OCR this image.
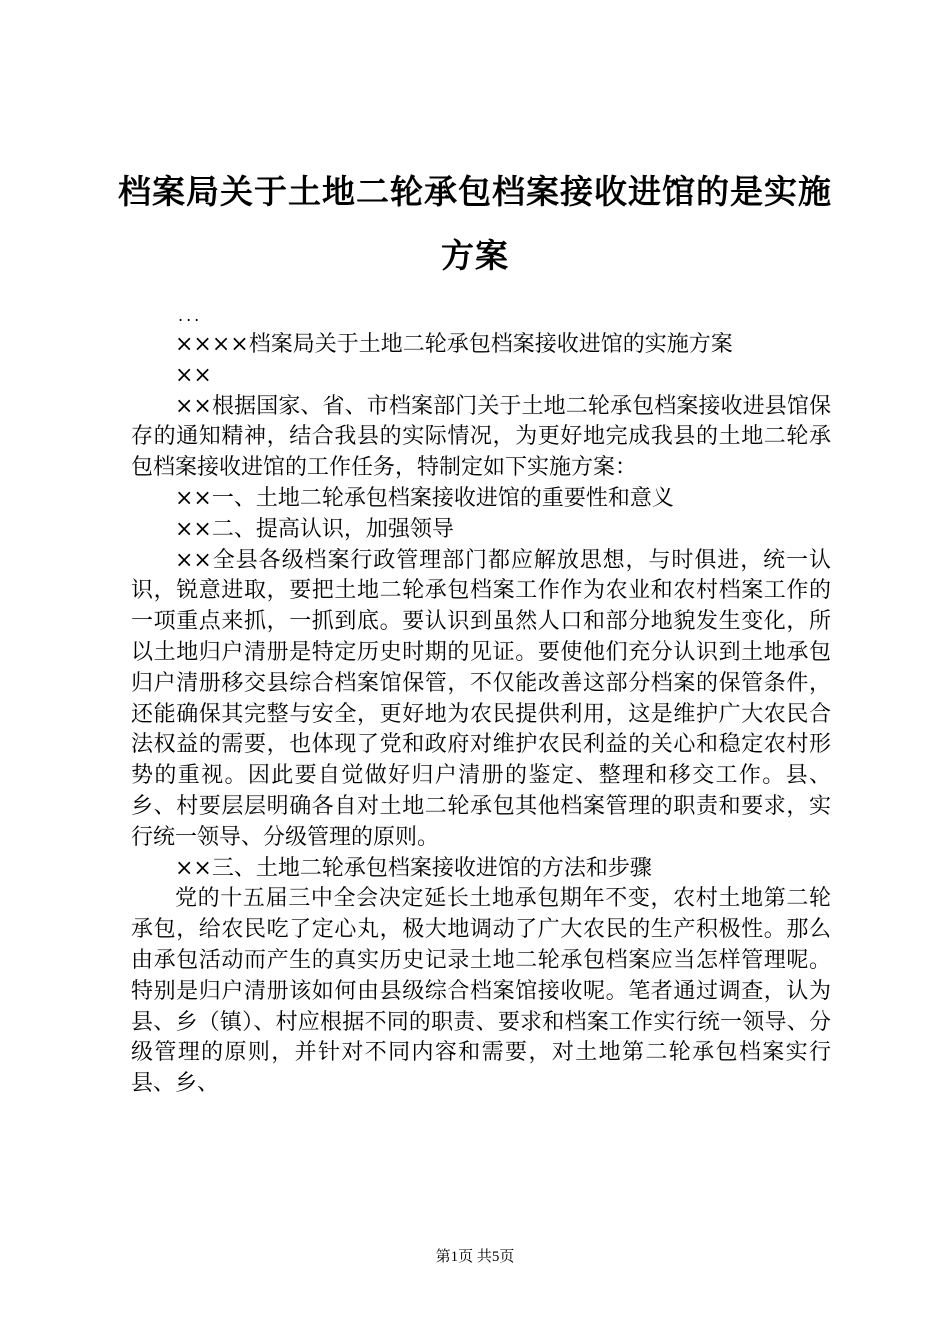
档案局关于土地二轮承包档案接收进馆的是实施方案
...

××××档案局关于土地二轮承包档案接收进馆的实施方案

××

××根据国家、省、市档案部门关于土地二轮承包档案接收进县馆保存的通知精神，结合我县的实际情况，为更好地完成我县的土地二轮承包档案接收进馆的工作任务，特制定如下实施方案：

××一、土地二轮承包档案接收进馆的重要性和意义

××二、提高认识，加强领导

××全县各级档案行政管理部门都应解放思想，与时俱进，统一认识，锐意进取，要把土地二轮承包档案工作作为农业和农村档案工作的一项重点来抓，一抓到底。要认识到虽然人口和部分地貌发生变化，所以土地归户清册是特定历史时期的见证。要使他们充分认识到土地承包归户清册移交县综合档案馆保管，不仅能改善这部分档案的保管条件，还能确保其完整与安全，更好地为农民提供利用，这是维护广大农民合法权益的需要，也体现了党和政府对维护农民利益的关心和稳定农村形势的重视。因此要自觉做好归户清册的鉴定、整理和移交工作。县、乡、村要层层明确各自对土地二轮承包其他档案管理的职责和要求，实行统一领导、分级管理的原则。

××三、土地二轮承包档案接收进馆的方法和步骤

党的十五届三中全会决定延长土地承包期年不变，农村土地第二轮承包，给农民吃了定心丸，极大地调动了广大农民的生产积极性。那么由承包活动而产生的真实历史记录土地二轮承包档案应当怎样管理呢。特别是归户清册该如何由县级综合档案馆接收呢。笔者通过调查，认为县、乡（镇）、村应根据不同的职责、要求和档案工作实行统一领导、分级管理的原则，并针对不同内容和需要，对土地第二轮承包档案实行县、乡、

第1页 共5页
